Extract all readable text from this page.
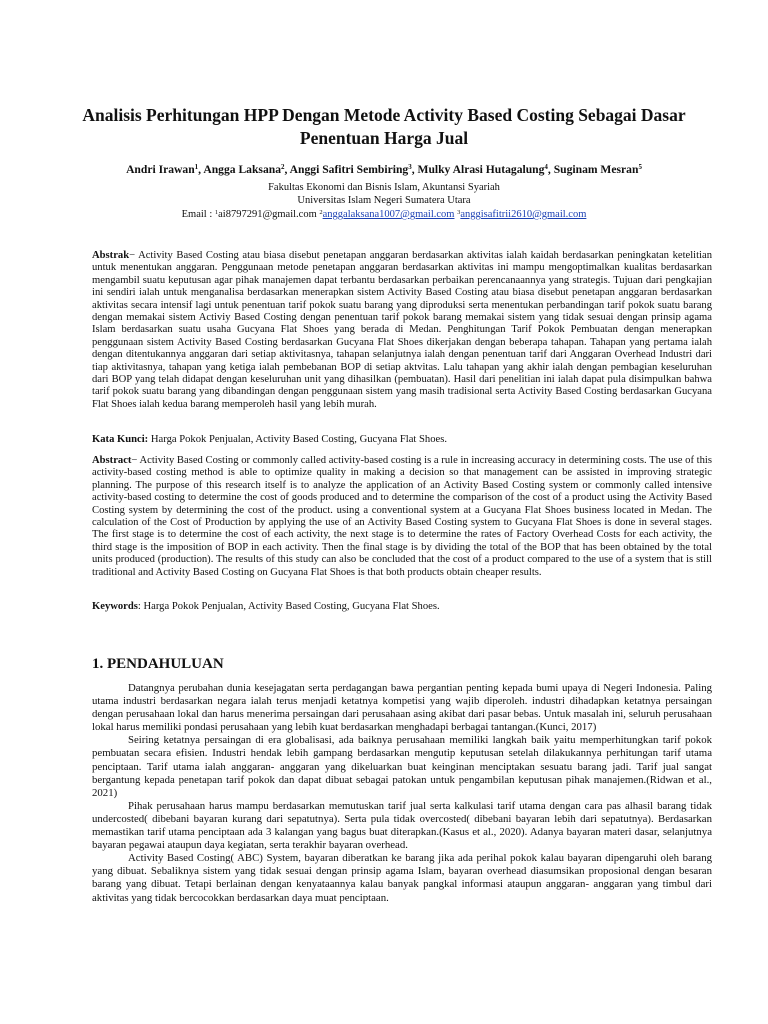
Analisis Perhitungan HPP Dengan Metode Activity Based Costing Sebagai Dasar Penentuan Harga Jual
Andri Irawan$^1$, Angga Laksana$^2$, Anggi Safitri Sembiring$^3$, Mulky Alrasi Hutagalung$^4$, Suginam Mesran$^5$
Fakultas Ekonomi dan Bisnis Islam, Akuntansi Syariah
Universitas Islam Negeri Sumatera Utara
Email : $^1$ai8797291@gmail.com $^2$anggalaksana1007@gmail.com $^3$anggisafitrii2610@gmail.com

Abstrak− Activity Based Costing atau biasa disebut penetapan anggaran berdasarkan aktivitas ialah kaidah berdasarkan peningkatan ketelitian untuk menentukan anggaran. Penggunaan metode penetapan anggaran berdasarkan aktivitas ini mampu mengoptimalkan kualitas berdasarkan mengambil suatu keputusan agar pihak manajemen dapat terbantu berdasarkan perbaikan perencanaannya yang strategis. Tujuan dari pengkajian ini sendiri ialah untuk menganalisa berdasarkan menerapkan sistem Activity Based Costing atau biasa disebut penetapan anggaran berdasarkan aktivitas secara intensif lagi untuk penentuan tarif pokok suatu barang yang diproduksi serta menentukan perbandingan tarif pokok suatu barang dengan memakai sistem Activiy Based Costing dengan penentuan tarif pokok barang memakai sistem yang tidak sesuai dengan prinsip agama Islam berdasarkan suatu usaha Gucyana Flat Shoes yang berada di Medan. Penghitungan Tarif Pokok Pembuatan dengan menerapkan penggunaan sistem Activity Based Costing berdasarkan Gucyana Flat Shoes dikerjakan dengan beberapa tahapan. Tahapan yang pertama ialah dengan ditentukannya anggaran dari setiap aktivitasnya, tahapan selanjutnya ialah dengan penentuan tarif dari Anggaran Overhead Industri dari tiap aktivitasnya, tahapan yang ketiga ialah pembebanan BOP di setiap aktvitas. Lalu tahapan yang akhir ialah dengan pembagian keseluruhan dari BOP yang telah didapat dengan keseluruhan unit yang dihasilkan (pembuatan). Hasil dari penelitian ini ialah dapat pula disimpulkan bahwa tarif pokok suatu barang yang dibandingan dengan penggunaan sistem yang masih tradisional serta Activity Based Costing berdasarkan Gucyana Flat Shoes ialah kedua barang memperoleh hasil yang lebih murah.

Kata Kunci: Harga Pokok Penjualan, Activity Based Costing, Gucyana Flat Shoes.

Abstract− Activity Based Costing or commonly called activity-based costing is a rule in increasing accuracy in determining costs. The use of this activity-based costing method is able to optimize quality in making a decision so that management can be assisted in improving strategic planning. The purpose of this research itself is to analyze the application of an Activity Based Costing system or commonly called intensive activity-based costing to determine the cost of goods produced and to determine the comparison of the cost of a product using the Activity Based Costing system by determining the cost of the product. using a conventional system at a Gucyana Flat Shoes business located in Medan. The calculation of the Cost of Production by applying the use of an Activity Based Costing system to Gucyana Flat Shoes is done in several stages. The first stage is to determine the cost of each activity, the next stage is to determine the rates of Factory Overhead Costs for each activity, the third stage is the imposition of BOP in each activity. Then the final stage is by dividing the total of the BOP that has been obtained by the total units produced (production). The results of this study can also be concluded that the cost of a product compared to the use of a system that is still traditional and Activity Based Costing on Gucyana Flat Shoes is that both products obtain cheaper results.

Keywords: Harga Pokok Penjualan, Activity Based Costing, Gucyana Flat Shoes.

1. PENDAHULUAN

Datangnya perubahan dunia kesejagatan serta perdagangan bawa pergantian penting kepada bumi upaya di Negeri Indonesia. Paling utama industri berdasarkan negara ialah terus menjadi ketatnya kompetisi yang wajib diperoleh. industri dihadapkan ketatnya persaingan dengan perusahaan lokal dan harus menerima persaingan dari perusahaan asing akibat dari pasar bebas. Untuk masalah ini, seluruh perusahaan lokal harus memiliki pondasi perusahaan yang lebih kuat berdasarkan menghadapi berbagai tantangan.(Kunci, 2017)

Seiring ketatnya persaingan di era globalisasi, ada baiknya perusahaan memiliki langkah baik yaitu memperhitungkan tarif pokok pembuatan secara efisien. Industri hendak lebih gampang berdasarkan mengutip keputusan setelah dilakukannya perhitungan tarif utama penciptaan. Tarif utama ialah anggaran- anggaran yang dikeluarkan buat keinginan menciptakan sesuatu barang jadi. Tarif jual sangat bergantung kepada penetapan tarif pokok dan dapat dibuat sebagai patokan untuk pengambilan keputusan pihak manajemen.(Ridwan et al., 2021)

Pihak perusahaan harus mampu berdasarkan memutuskan tarif jual serta kalkulasi tarif utama dengan cara pas alhasil barang tidak undercosted( dibebani bayaran kurang dari sepatutnya). Serta pula tidak overcosted( dibebani bayaran lebih dari sepatutnya). Berdasarkan memastikan tarif utama penciptaan ada 3 kalangan yang bagus buat diterapkan.(Kasus et al., 2020). Adanya bayaran materi dasar, selanjutnya bayaran pegawai ataupun daya kegiatan, serta terakhir bayaran overhead.

Activity Based Costing( ABC) System, bayaran diberatkan ke barang jika ada perihal pokok kalau bayaran dipengaruhi oleh barang yang dibuat. Sebaliknya sistem yang tidak sesuai dengan prinsip agama Islam, bayaran overhead diasumsikan proposional dengan besaran barang yang dibuat. Tetapi berlainan dengan kenyataannya kalau banyak pangkal informasi ataupun anggaran- anggaran yang timbul dari aktivitas yang tidak bercocokkan berdasarkan daya muat penciptaan.
